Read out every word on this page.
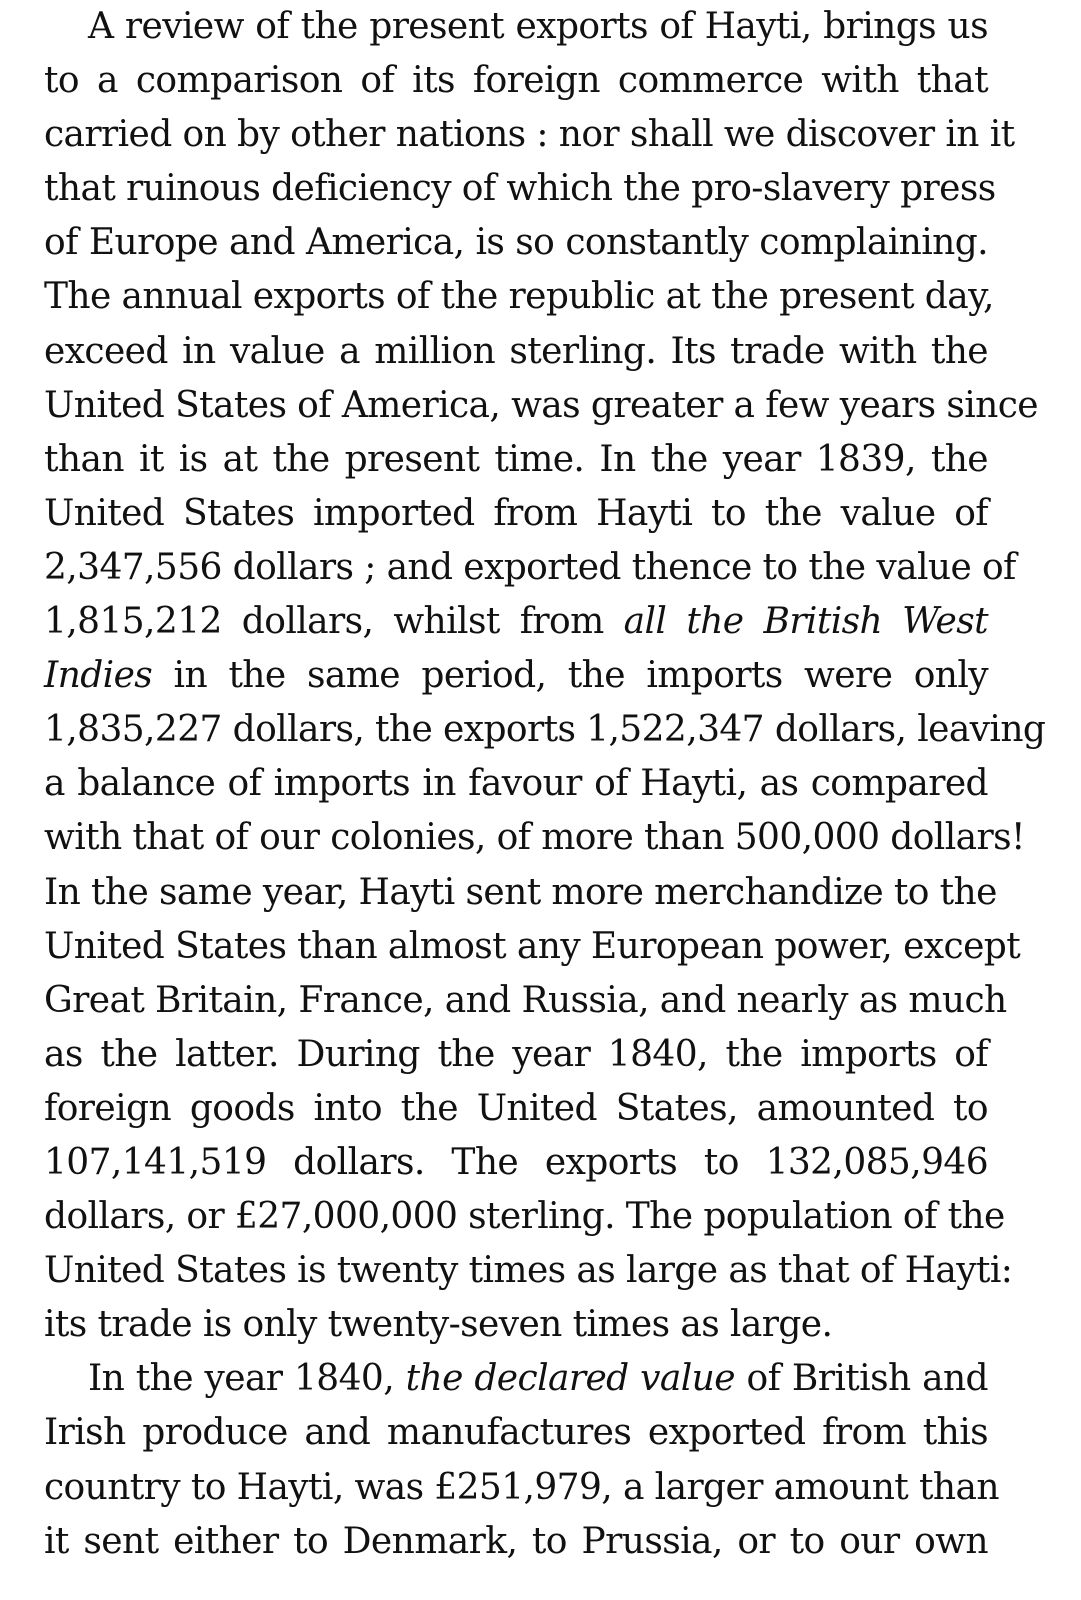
A review of the present exports of Hayti, brings us
to a comparison of its foreign commerce with that
carried on by other nations : nor shall we discover in it
that ruinous deficiency of which the pro-slavery press
of Europe and America, is so constantly complaining.
The annual exports of the republic at the present day,
exceed in value a million sterling. Its trade with the
United States of America, was greater a few years since
than it is at the present time. In the year 1839, the
United States imported from Hayti to the value of
2,347,556 dollars ; and exported thence to the value of
1,815,212 dollars, whilst from all the British West
Indies in the same period, the imports were only
1,835,227 dollars, the exports 1,522,347 dollars, leaving
a balance of imports in favour of Hayti, as compared
with that of our colonies, of more than 500,000 dollars!
In the same year, Hayti sent more merchandize to the
United States than almost any European power, except
Great Britain, France, and Russia, and nearly as much
as the latter. During the year 1840, the imports of
foreign goods into the United States, amounted to
107,141,519 dollars. The exports to 132,085,946
dollars, or £27,000,000 sterling. The population of the
United States is twenty times as large as that of Hayti:
its trade is only twenty-seven times as large.
In the year 1840, the declared value of British and
Irish produce and manufactures exported from this
country to Hayti, was £251,979, a larger amount than
it sent either to Denmark, to Prussia, or to our own
